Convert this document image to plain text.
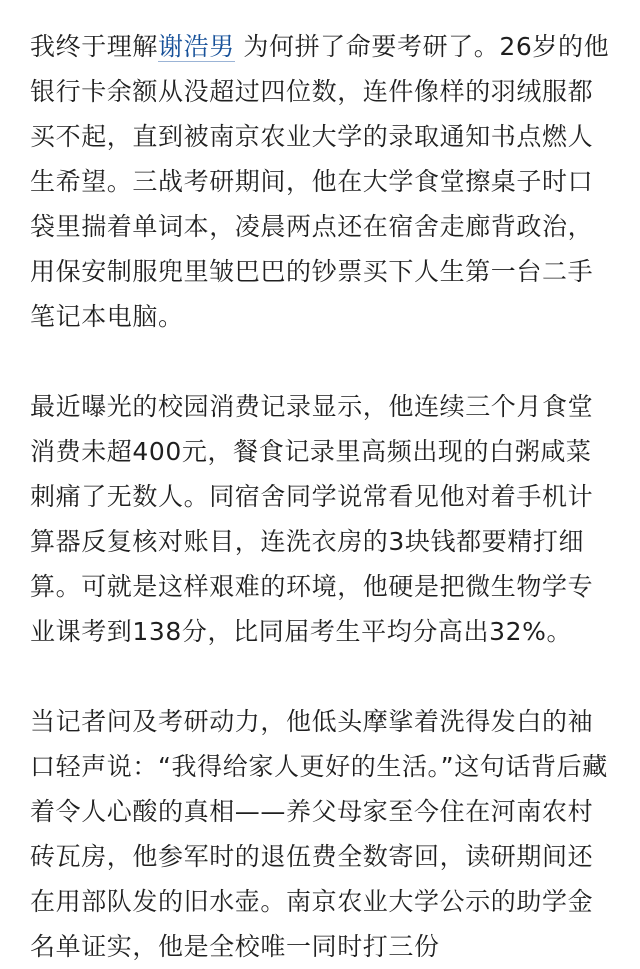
我终于理解谢浩男 为何拼了命要考研了。26岁的他银行卡余额从没超过四位数，连件像样的羽绒服都买不起，直到被南京农业大学的录取通知书点燃人生希望。三战考研期间，他在大学食堂擦桌子时口袋里揣着单词本，凌晨两点还在宿舍走廊背政治，用保安制服兜里皱巴巴的钞票买下人生第一台二手笔记本电脑。

最近曝光的校园消费记录显示，他连续三个月食堂消费未超400元，餐食记录里高频出现的白粥咸菜刺痛了无数人。同宿舍同学说常看见他对着手机计算器反复核对账目，连洗衣房的3块钱都要精打细算。可就是这样艰难的环境，他硬是把微生物学专业课考到138分，比同届考生平均分高出32%。

当记者问及考研动力，他低头摩挲着洗得发白的袖口轻声说：“我得给家人更好的生活。”这句话背后藏着令人心酸的真相——养父母家至今住在河南农村砖瓦房，他参军时的退伍费全数寄回，读研期间还在用部队发的旧水壶。南京农业大学公示的助学金名单证实，他是全校唯一同时打三份
